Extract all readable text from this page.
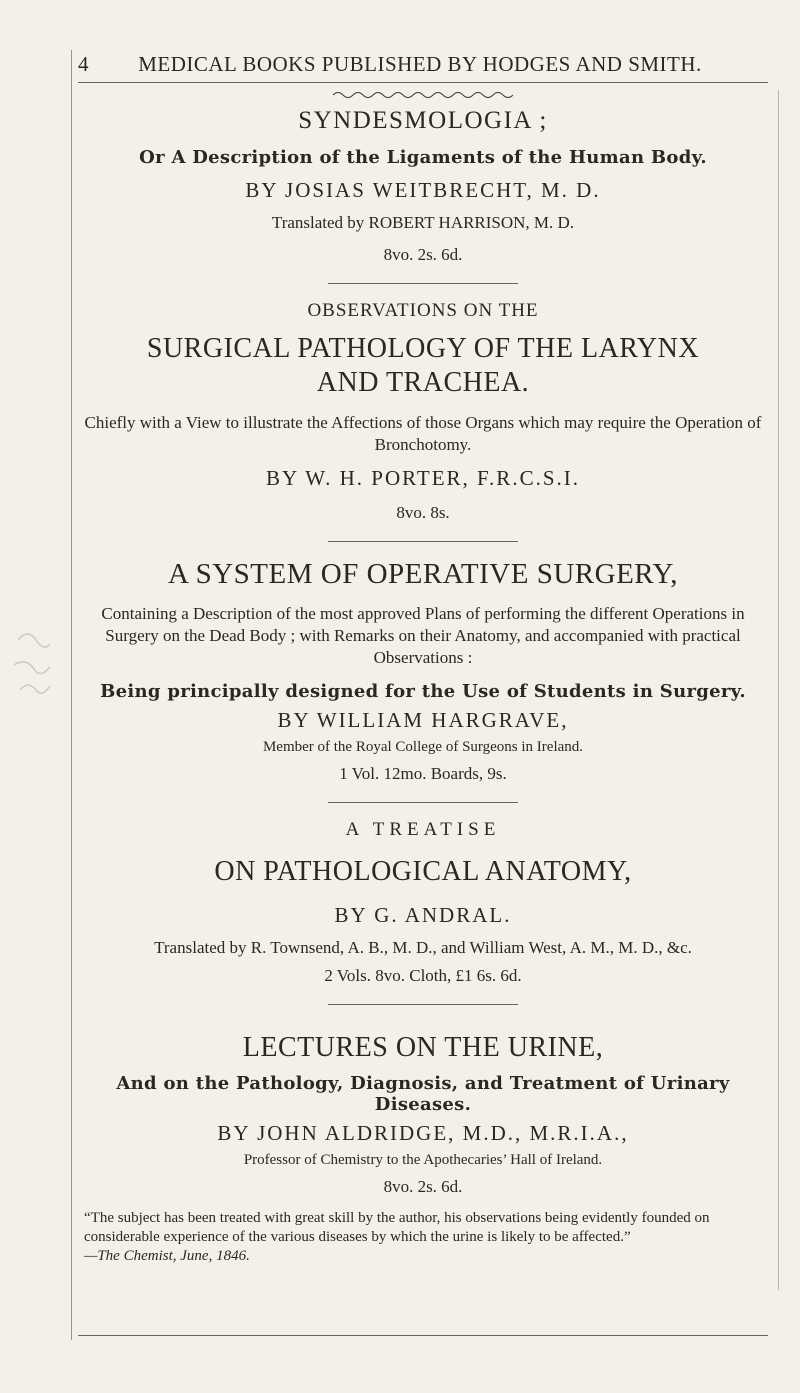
4	MEDICAL BOOKS PUBLISHED BY HODGES AND SMITH.
SYNDESMOLOGIA ;
Or A Description of the Ligaments of the Human Body.
BY JOSIAS WEITBRECHT, M. D.
Translated by ROBERT HARRISON, M. D.
8vo. 2s. 6d.
OBSERVATIONS ON THE
SURGICAL PATHOLOGY OF THE LARYNX
AND TRACHEA.
Chiefly with a View to illustrate the Affections of those Organs which may require the Operation of Bronchotomy.
BY W. H. PORTER, F.R.C.S.I.
8vo. 8s.
A SYSTEM OF OPERATIVE SURGERY,
Containing a Description of the most approved Plans of performing the different Operations in Surgery on the Dead Body ; with Remarks on their Anatomy, and accompanied with practical Observations :
Being principally designed for the Use of Students in Surgery.
BY WILLIAM HARGRAVE,
Member of the Royal College of Surgeons in Ireland.
1 Vol. 12mo. Boards, 9s.
A TREATISE
ON PATHOLOGICAL ANATOMY,
BY G. ANDRAL.
Translated by R. Townsend, A. B., M. D., and William West, A. M., M. D., &c.
2 Vols. 8vo. Cloth, £1 6s. 6d.
LECTURES ON THE URINE,
And on the Pathology, Diagnosis, and Treatment of Urinary Diseases.
BY JOHN ALDRIDGE, M.D., M.R.I.A.,
Professor of Chemistry to the Apothecaries’ Hall of Ireland.
8vo. 2s. 6d.
“The subject has been treated with great skill by the author, his observations being evidently founded on considerable experience of the various diseases by which the urine is likely to be affected.”
—The Chemist, June, 1846.
